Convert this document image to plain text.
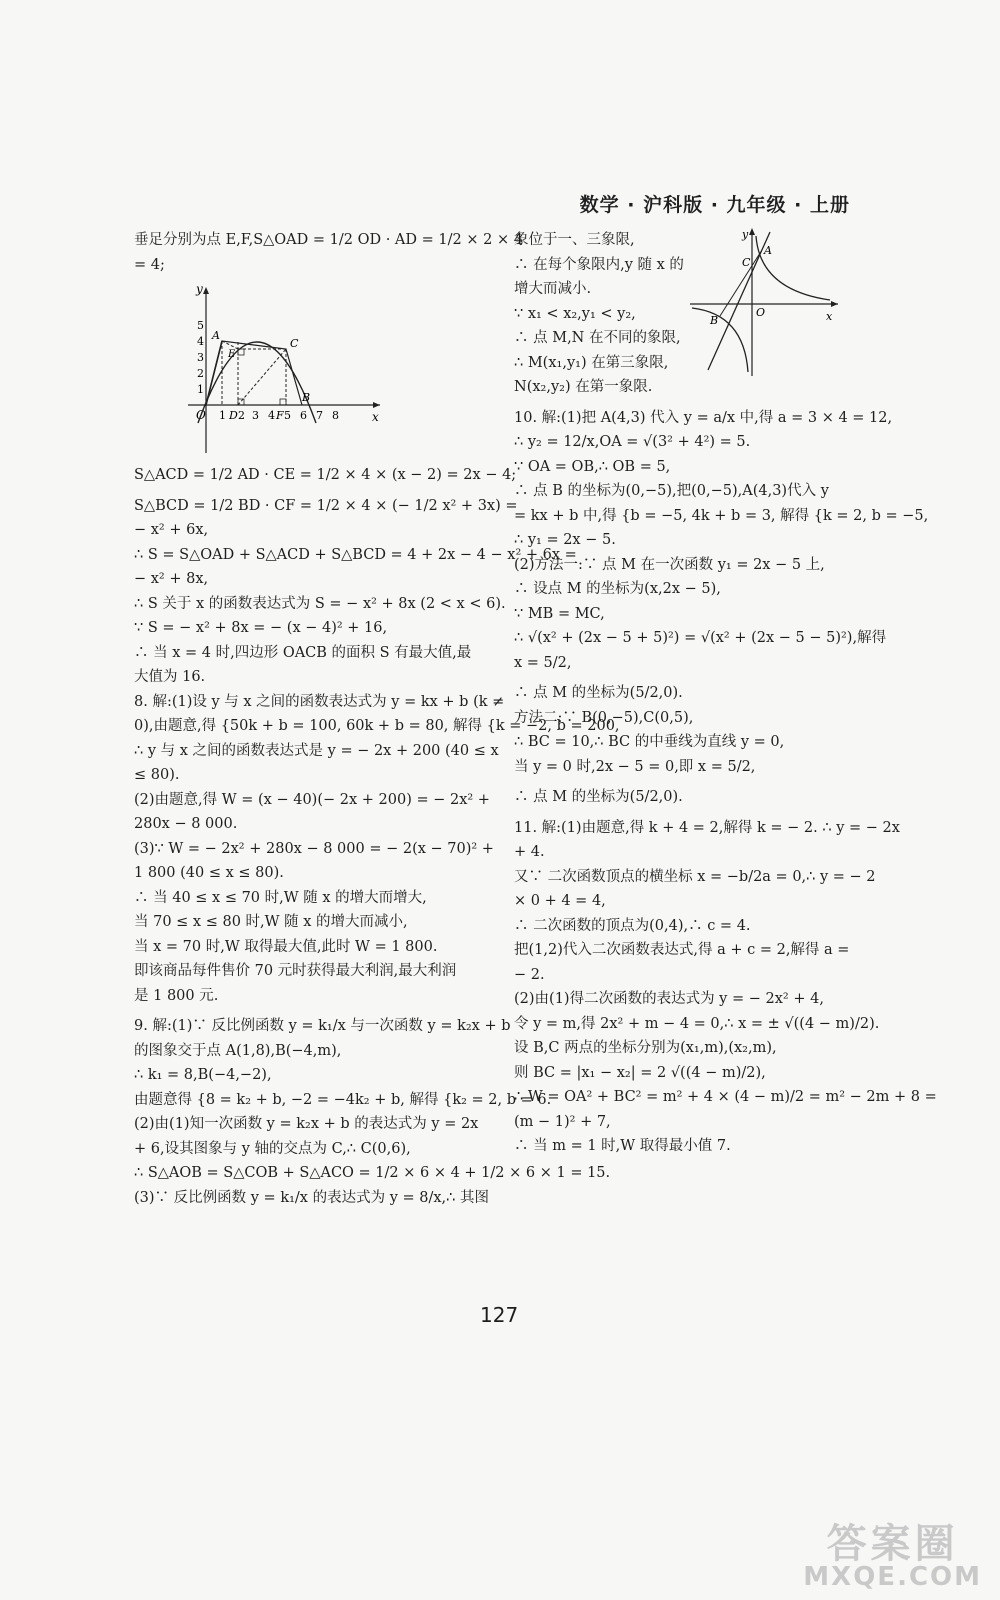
数学 · 沪科版 · 九年级 · 上册
垂足分别为点 E,F,S△OAD = 1/2 OD · AD = 1/2 × 2 × 4
= 4;
y
x
O
1
2
3
4
5
1 D 2 3 4 F 5 6 7 8
A
C
B
E
S△ACD = 1/2 AD · CE = 1/2 × 4 × (x − 2) = 2x − 4;
S△BCD = 1/2 BD · CF = 1/2 × 4 × (− 1/2 x² + 3x) =
− x² + 6x,
∴ S = S△OAD + S△ACD + S△BCD = 4 + 2x − 4 − x² + 6x =
− x² + 8x,
∴ S 关于 x 的函数表达式为 S = − x² + 8x (2 < x < 6).
∵ S = − x² + 8x = − (x − 4)² + 16,
∴ 当 x = 4 时,四边形 OACB 的面积 S 有最大值,最
大值为 16.
8. 解:(1)设 y 与 x 之间的函数表达式为 y = kx + b (k ≠
0),由题意,得 {50k + b = 100, 60k + b = 80, 解得 {k = −2, b = 200,
∴ y 与 x 之间的函数表达式是 y = − 2x + 200 (40 ≤ x
≤ 80).
(2)由题意,得 W = (x − 40)(− 2x + 200) = − 2x² +
280x − 8 000.
(3)∵ W = − 2x² + 280x − 8 000 = − 2(x − 70)² +
1 800 (40 ≤ x ≤ 80).
∴ 当 40 ≤ x ≤ 70 时,W 随 x 的增大而增大,
当 70 ≤ x ≤ 80 时,W 随 x 的增大而减小,
当 x = 70 时,W 取得最大值,此时 W = 1 800.
即该商品每件售价 70 元时获得最大利润,最大利润
是 1 800 元.
9. 解:(1)∵ 反比例函数 y = k₁/x 与一次函数 y = k₂x + b
的图象交于点 A(1,8),B(−4,m),
∴ k₁ = 8,B(−4,−2),
由题意得 {8 = k₂ + b, −2 = −4k₂ + b, 解得 {k₂ = 2, b = 6.
(2)由(1)知一次函数 y = k₂x + b 的表达式为 y = 2x
+ 6,设其图象与 y 轴的交点为 C,∴ C(0,6),
∴ S△AOB = S△COB + S△ACO = 1/2 × 6 × 4 + 1/2 × 6 × 1 = 15.
(3)∵ 反比例函数 y = k₁/x 的表达式为 y = 8/x,∴ 其图
y
x
O
A
C
B
象位于一、三象限,
∴ 在每个象限内,y 随 x 的
增大而减小.
∵ x₁ < x₂,y₁ < y₂,
∴ 点 M,N 在不同的象限,
∴ M(x₁,y₁) 在第三象限,
N(x₂,y₂) 在第一象限.
10. 解:(1)把 A(4,3) 代入 y = a/x 中,得 a = 3 × 4 = 12,
∴ y₂ = 12/x,OA = √(3² + 4²) = 5.
∵ OA = OB,∴ OB = 5,
∴ 点 B 的坐标为(0,−5),把(0,−5),A(4,3)代入 y
= kx + b 中,得 {b = −5, 4k + b = 3, 解得 {k = 2, b = −5,
∴ y₁ = 2x − 5.
(2)方法一:∵ 点 M 在一次函数 y₁ = 2x − 5 上,
∴ 设点 M 的坐标为(x,2x − 5),
∵ MB = MC,
∴ √(x² + (2x − 5 + 5)²) = √(x² + (2x − 5 − 5)²),解得
x = 5/2,
∴ 点 M 的坐标为(5/2,0).
方法二:∵ B(0,−5),C(0,5),
∴ BC = 10,∴ BC 的中垂线为直线 y = 0,
当 y = 0 时,2x − 5 = 0,即 x = 5/2,
∴ 点 M 的坐标为(5/2,0).
11. 解:(1)由题意,得 k + 4 = 2,解得 k = − 2. ∴ y = − 2x
+ 4.
又∵ 二次函数顶点的横坐标 x = −b/2a = 0,∴ y = − 2
× 0 + 4 = 4,
∴ 二次函数的顶点为(0,4),∴ c = 4.
把(1,2)代入二次函数表达式,得 a + c = 2,解得 a =
− 2.
(2)由(1)得二次函数的表达式为 y = − 2x² + 4,
令 y = m,得 2x² + m − 4 = 0,∴ x = ± √((4 − m)/2).
设 B,C 两点的坐标分别为(x₁,m),(x₂,m),
则 BC = |x₁ − x₂| = 2 √((4 − m)/2),
∴ W = OA² + BC² = m² + 4 × (4 − m)/2 = m² − 2m + 8 =
(m − 1)² + 7,
∴ 当 m = 1 时,W 取得最小值 7.
127
答案圈
MXQE.COM
